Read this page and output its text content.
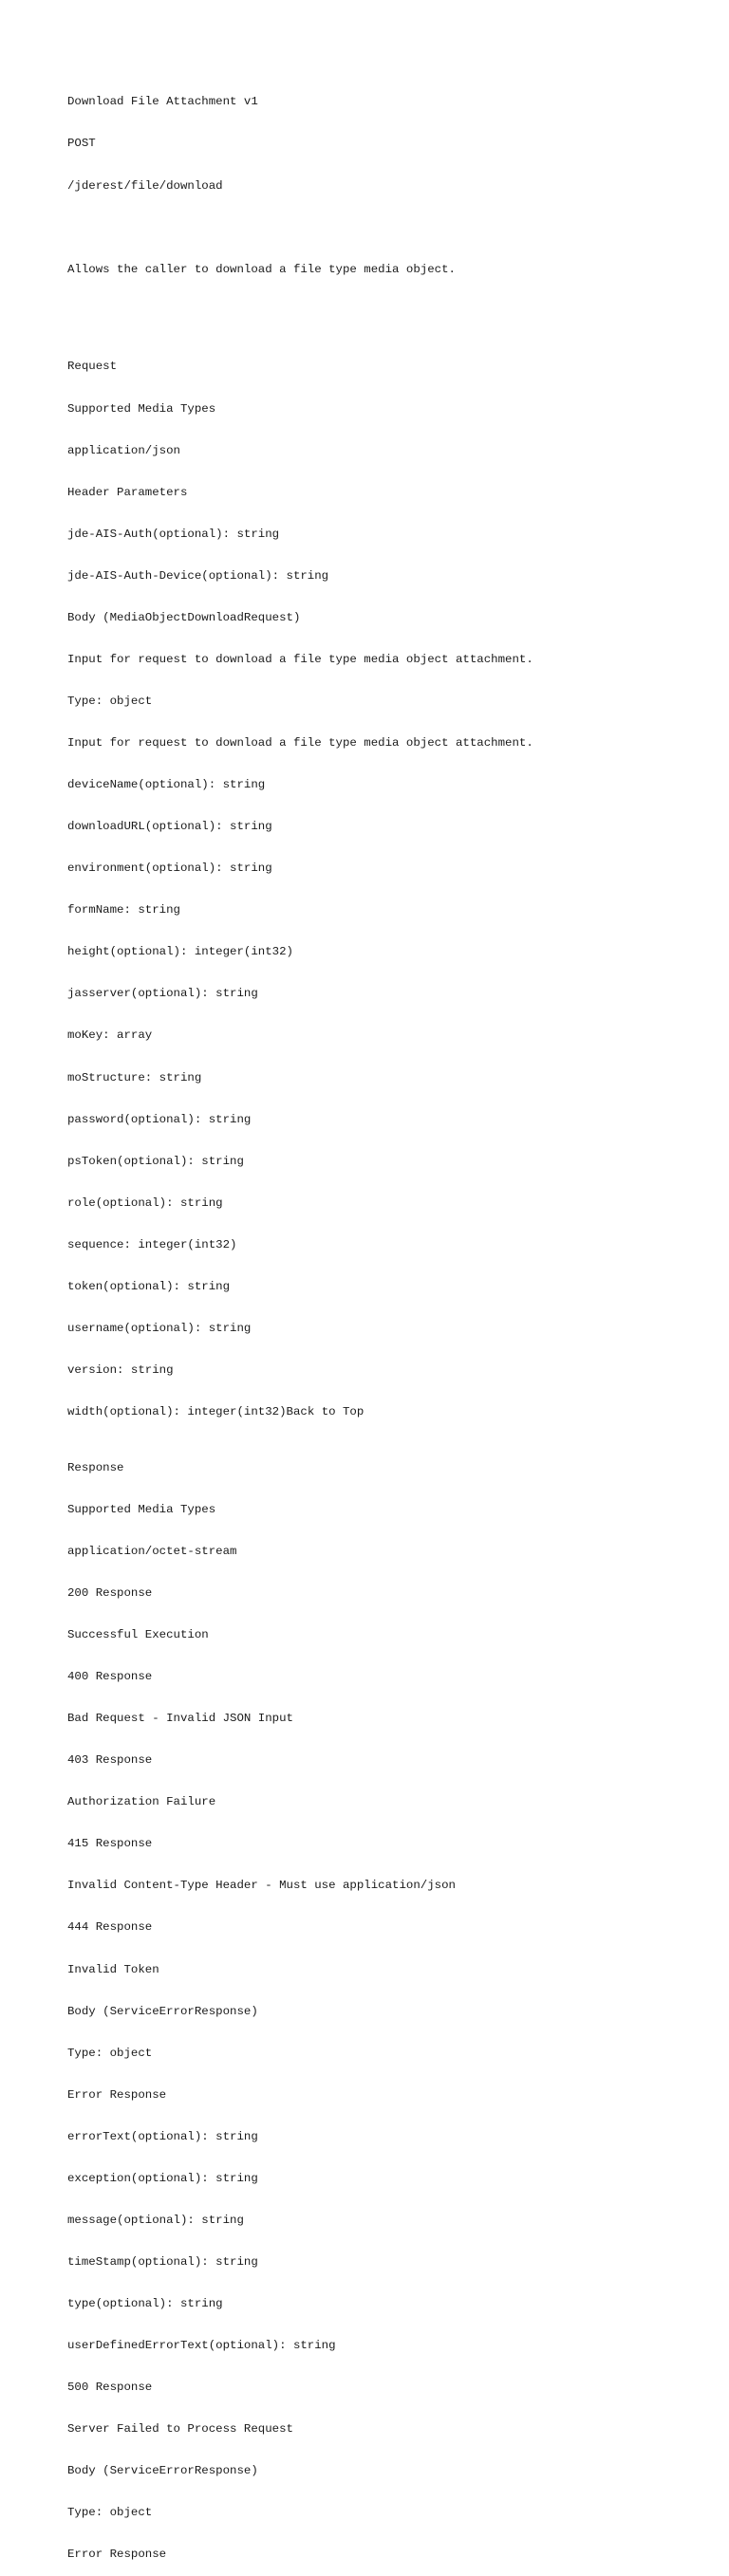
Download File Attachment v1

POST

/jderest/file/download

Allows the caller to download a file type media object.

Request

Supported Media Types

application/json

Header Parameters

jde-AIS-Auth(optional): string

jde-AIS-Auth-Device(optional): string

Body (MediaObjectDownloadRequest)

Input for request to download a file type media object attachment.

Type: object

Input for request to download a file type media object attachment.

deviceName(optional): string

downloadURL(optional): string

environment(optional): string

formName: string

height(optional): integer(int32)

jasserver(optional): string

moKey: array

moStructure: string

password(optional): string

psToken(optional): string

role(optional): string

sequence: integer(int32)

token(optional): string

username(optional): string

version: string

width(optional): integer(int32)Back to Top

Response

Supported Media Types

application/octet-stream

200 Response

Successful Execution

400 Response

Bad Request - Invalid JSON Input

403 Response

Authorization Failure

415 Response

Invalid Content-Type Header - Must use application/json

444 Response

Invalid Token

Body (ServiceErrorResponse)

Type: object

Error Response

errorText(optional): string

exception(optional): string

message(optional): string

timeStamp(optional): string

type(optional): string

userDefinedErrorText(optional): string

500 Response

Server Failed to Process Request

Body (ServiceErrorResponse)

Type: object

Error Response
